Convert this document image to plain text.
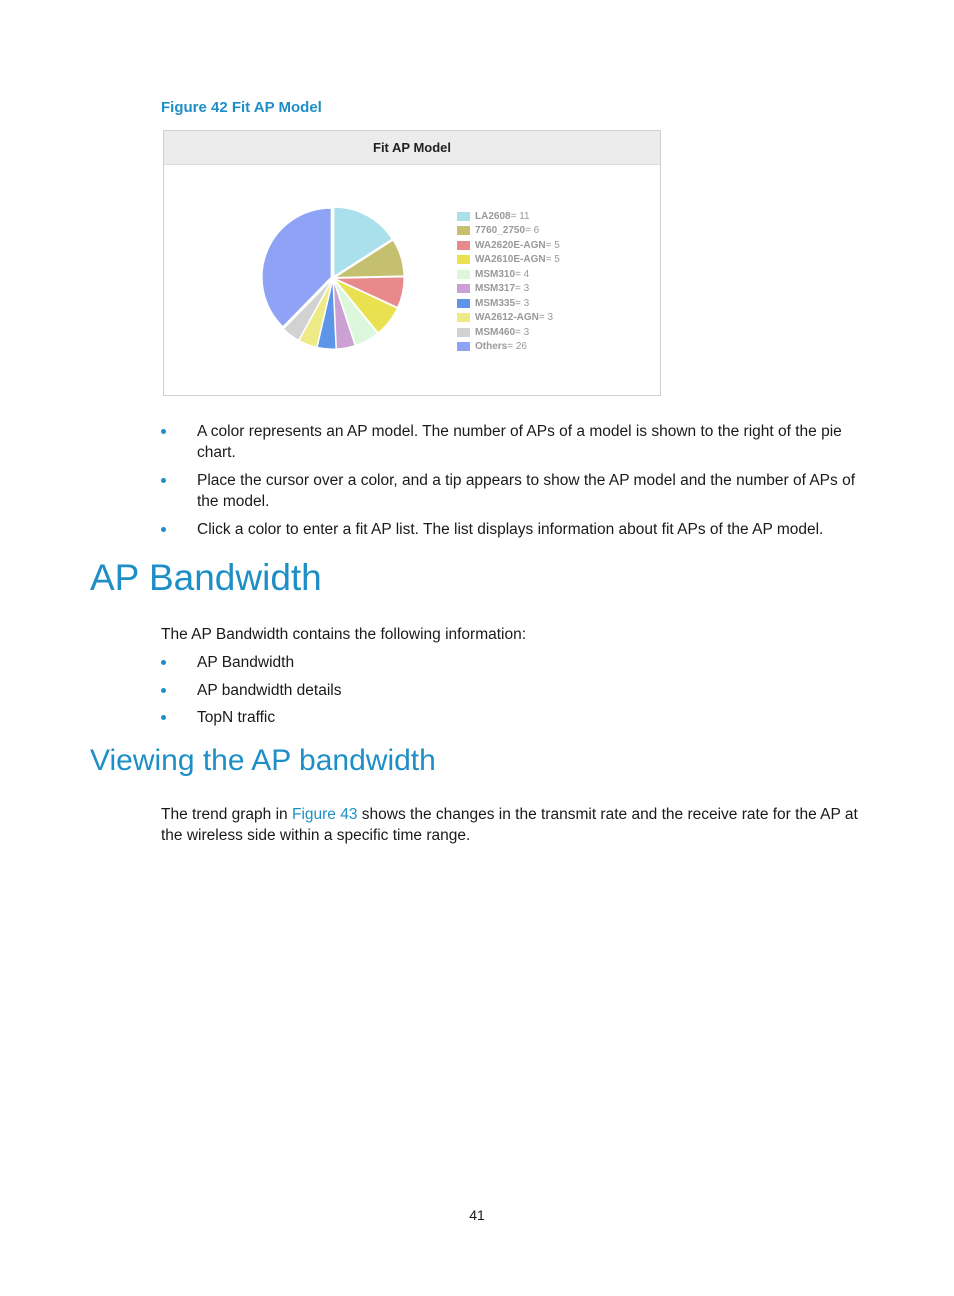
Figure 42 Fit AP Model
Fit AP Model
LA2608 = 11
7760_2750 = 6
WA2620E-AGN = 5
WA2610E-AGN = 5
MSM310 = 4
MSM317 = 3
MSM335 = 3
WA2612-AGN = 3
MSM460 = 3
Others = 26
A color represents an AP model. The number of APs of a model is shown to the right of the pie chart.
Place the cursor over a color, and a tip appears to show the AP model and the number of APs of the model.
Click a color to enter a fit AP list. The list displays information about fit APs of the AP model.
AP Bandwidth

The AP Bandwidth contains the following information:

AP Bandwidth
AP bandwidth details
TopN traffic
Viewing the AP bandwidth

The trend graph in Figure 43 shows the changes in the transmit rate and the receive rate for the AP at the wireless side within a specific time range.

41
